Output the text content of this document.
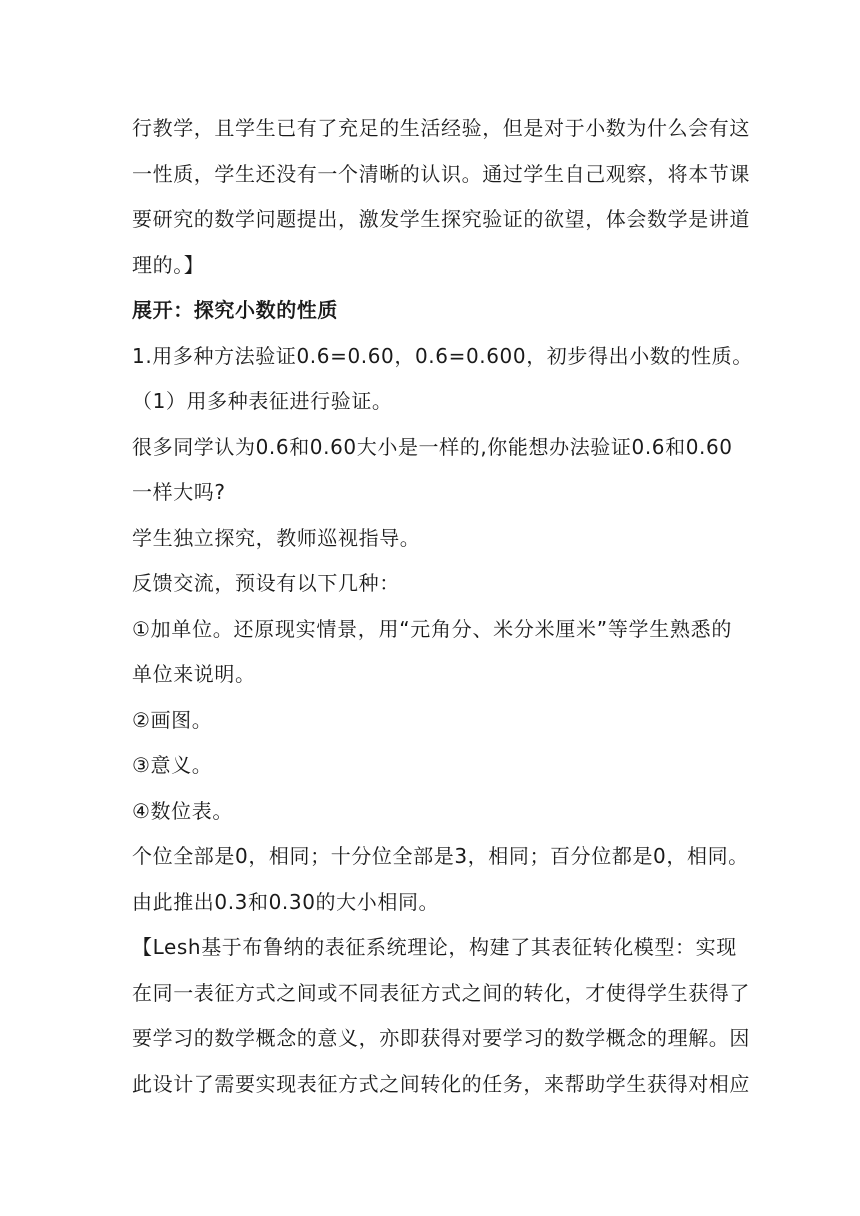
行教学，且学生已有了充足的生活经验，但是对于小数为什么会有这
一性质，学生还没有一个清晰的认识。通过学生自己观察，将本节课
要研究的数学问题提出，激发学生探究验证的欲望，体会数学是讲道
理的。】
展开：探究小数的性质
1.用多种方法验证0.6=0.60，0.6=0.600，初步得出小数的性质。
（1）用多种表征进行验证。
很多同学认为0.6和0.60大小是一样的,你能想办法验证0.6和0.60
一样大吗?
学生独立探究，教师巡视指导。
反馈交流，预设有以下几种：
①加单位。还原现实情景，用“元角分、米分米厘米”等学生熟悉的
单位来说明。
②画图。
③意义。
④数位表。
个位全部是0，相同；十分位全部是3，相同；百分位都是0，相同。
由此推出0.3和0.30的大小相同。
【Lesh基于布鲁纳的表征系统理论，构建了其表征转化模型：实现
在同一表征方式之间或不同表征方式之间的转化，才使得学生获得了
要学习的数学概念的意义，亦即获得对要学习的数学概念的理解。因
此设计了需要实现表征方式之间转化的任务，来帮助学生获得对相应
